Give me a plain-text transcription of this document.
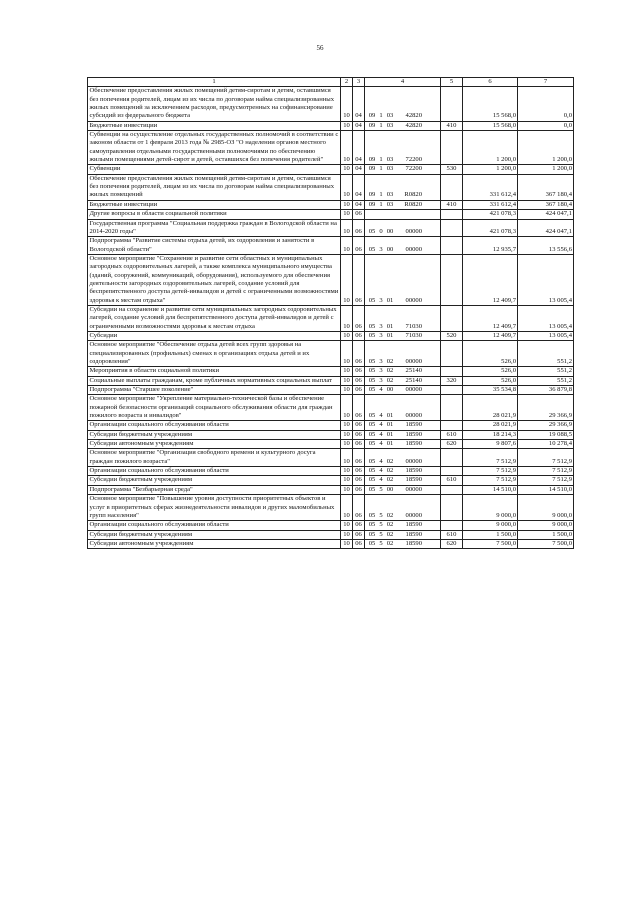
56
1	2	3	4	5	6	7
Обеспечение предоставления жилых помещений детям-сиротам и детям, оставшимся без попечения родителей, лицам из их числа по договорам найма специализированных жилых помещений за исключением расходов, предусмотренных на софинансирование субсидий из федерального бюджета	10	04	09 1 03 42820		15 568,0	0,0
Бюджетные инвестиции	10	04	09 1 03 42820	410	15 568,0	0,0
Субвенции на осуществление отдельных государственных полномочий в соответствии с законом области от 1 февраля 2013 года № 2985-ОЗ "О наделении органов местного самоуправления отдельными государственными полномочиями по обеспечению жилыми помещениями детей-сирот и детей, оставшихся без попечения родителей"	10	04	09 1 03 72200		1 200,0	1 200,0
Субвенции	10	04	09 1 03 72200	530	1 200,0	1 200,0
Обеспечение предоставления жилых помещений детям-сиротам и детям, оставшимся без попечения родителей, лицам из их числа по договорам найма специализированных жилых помещений	10	04	09 1 03 R0820		331 612,4	367 180,4
Бюджетные инвестиции	10	04	09 1 03 R0820	410	331 612,4	367 180,4
Другие вопросы в области социальной политики	10	06			421 078,3	424 047,1
Государственная программа "Социальная поддержка граждан в Вологодской области на 2014-2020 годы"	10	06	05 0 00 00000		421 078,3	424 047,1
Подпрограмма "Развитие системы отдыха детей, их оздоровления и занятости в Вологодской области"	10	06	05 3 00 00000		12 935,7	13 556,6
Основное мероприятие "Сохранение и развитие сети областных и муниципальных загородных оздоровительных лагерей, а также комплекса муниципального имущества (зданий, сооружений, коммуникаций, оборудования), используемого для обеспечения деятельности загородных оздоровительных лагерей, создание условий для беспрепятственного доступа детей-инвалидов и детей с ограниченными возможностями здоровья к местам отдыха"	10	06	05 3 01 00000		12 409,7	13 005,4
Субсидии на сохранение и развитие сети муниципальных загородных оздоровительных лагерей, создание условий для беспрепятственного доступа детей-инвалидов и детей с ограниченными возможностями здоровья к местам отдыха	10	06	05 3 01 71030		12 409,7	13 005,4
Субсидии	10	06	05 3 01 71030	520	12 409,7	13 005,4
Основное мероприятие "Обеспечение отдыха детей всех групп здоровья на специализированных (профильных) сменах в организациях отдыха детей и их оздоровления"	10	06	05 3 02 00000		526,0	551,2
Мероприятия в области социальной политики	10	06	05 3 02 25140		526,0	551,2
Социальные выплаты гражданам, кроме публичных нормативных социальных выплат	10	06	05 3 02 25140	320	526,0	551,2
Подпрограмма "Старшее поколение"	10	06	05 4 00 00000		35 534,8	36 879,8
Основное мероприятие "Укрепление материально-технической базы и обеспечение пожарной безопасности организаций социального обслуживания области для граждан пожилого возраста и инвалидов"	10	06	05 4 01 00000		28 021,9	29 366,9
Организации социального обслуживания области	10	06	05 4 01 18590		28 021,9	29 366,9
Субсидии бюджетным учреждениям	10	06	05 4 01 18590	610	18 214,3	19 088,5
Субсидии автономным учреждениям	10	06	05 4 01 18590	620	9 807,6	10 278,4
Основное мероприятие "Организация свободного времени и культурного досуга граждан пожилого возраста"	10	06	05 4 02 00000		7 512,9	7 512,9
Организации социального обслуживания области	10	06	05 4 02 18590		7 512,9	7 512,9
Субсидии бюджетным учреждениям	10	06	05 4 02 18590	610	7 512,9	7 512,9
Подпрограмма "Безбарьерная среда"	10	06	05 5 00 00000		14 510,0	14 510,0
Основное мероприятие "Повышение уровня доступности приоритетных объектов и услуг в приоритетных сферах жизнедеятельности инвалидов и других маломобильных групп населения"	10	06	05 5 02 00000		9 000,0	9 000,0
Организации социального обслуживания области	10	06	05 5 02 18590		9 000,0	9 000,0
Субсидии бюджетным учреждениям	10	06	05 5 02 18590	610	1 500,0	1 500,0
Субсидии автономным учреждениям	10	06	05 5 02 18590	620	7 500,0	7 500,0
